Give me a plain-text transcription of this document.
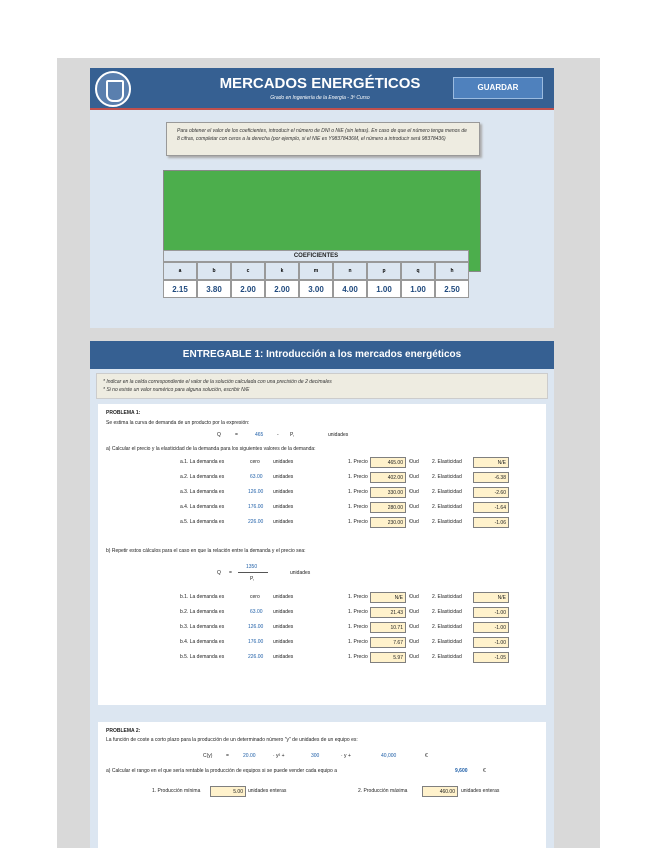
MERCADOS ENERGÉTICOS
Grado en Ingeniería de la Energía - 3º Curso
GUARDAR
Para obtener el valor de los coeficientes, introducir el número de DNI o NIE (sin letras). En caso de que el número tenga menos de 8 cifras, completar con ceros a la derecha (por ejemplo, si el NIE es Y98378436M, el número a introducir será 98378436)
COEFICIENTES
a	b	c	k	m	n	p	q	h
2.15	3.80	2.00	2.00	3.00	4.00	1.00	1.00	2.50
ENTREGABLE 1: Introducción a los mercados energéticos
* Indicar en la celda correspondiente el valor de la solución calculada con una precisión de 2 decimales
* Si no existe un valor numérico para alguna solución, escribir N/E
PROBLEMA 1:
Se estima la curva de demanda de un producto por la expresión:
Q	=	465	- P,	unidades
a) Calcular el precio y la elasticidad de la demanda para los siguientes valores de la demanda:
a.1. La demanda es	cero	unidades	1. Precio	465.00	€/ud	2. Elasticidad	N/E
a.2. La demanda es	63.00 unidades	1. Precio	402.00	€/ud	2. Elasticidad	-6.38
a.3. La demanda es	126.00 unidades	1. Precio	330.00	€/ud	2. Elasticidad	-2.60
a.4. La demanda es	176.00 unidades	1. Precio	280.00	€/ud	2. Elasticidad	-1.64
a.5. La demanda es	226.00 unidades	1. Precio	230.00	€/ud	2. Elasticidad	-1.06
b) Repetir estos cálculos para el caso en que la relación entre la demanda y el precio sea:
1350
Q =
P,
unidades
b.1. La demanda es	cero	unidades	1. Precio	N/E	€/ud	2. Elasticidad	N/E
b.2. La demanda es	63.00 unidades	1. Precio	21.43	€/ud	2. Elasticidad	-1.00
b.3. La demanda es	126.00 unidades	1. Precio	10.71	€/ud	2. Elasticidad	-1.00
b.4. La demanda es	176.00 unidades	1. Precio	7.67	€/ud	2. Elasticidad	-1.00
b.5. La demanda es	226.00 unidades	1. Precio	5.97	€/ud	2. Elasticidad	-1.05
PROBLEMA 2:
La función de coste a corto plazo para la producción de un determinado número "y" de unidades de un equipo es:
C(y)	=	20.00	· y² +	300	· y +	40,000	€
a) Calcular el rango en el que sería rentable la producción de equipos si se puede vender cada equipo a	9,600	€
1. Producción mínima	5.00	unidades enteras	2. Producción máxima	460.00	unidades enteras
